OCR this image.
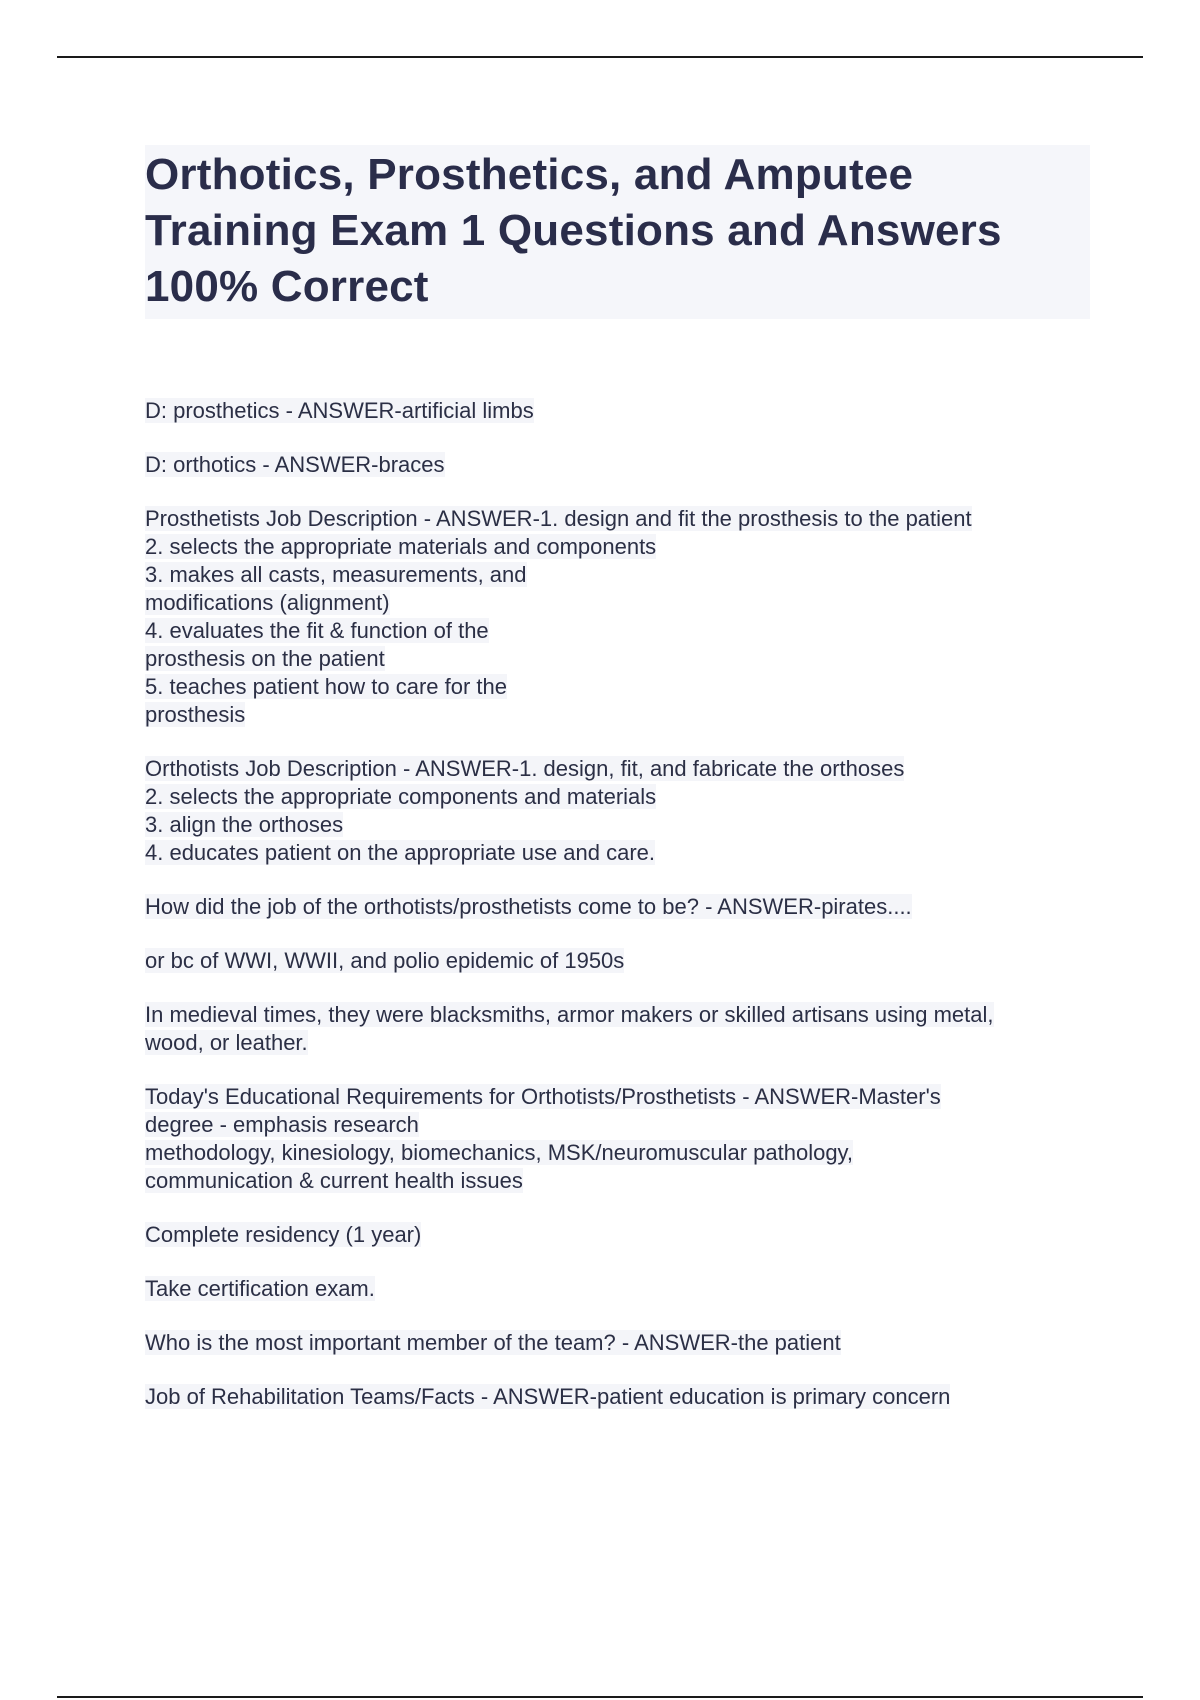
Orthotics, Prosthetics, and Amputee
Training Exam 1 Questions and Answers
100% Correct
D: prosthetics - ANSWER-artificial limbs
D: orthotics - ANSWER-braces
Prosthetists Job Description - ANSWER-1. design and fit the prosthesis to the patient
2. selects the appropriate materials and components
3. makes all casts, measurements, and
modifications (alignment)
4. evaluates the fit & function of the
prosthesis on the patient
5. teaches patient how to care for the
prosthesis
Orthotists Job Description - ANSWER-1. design, fit, and fabricate the orthoses
2. selects the appropriate components and materials
3. align the orthoses
4. educates patient on the appropriate use and care.
How did the job of the orthotists/prosthetists come to be? - ANSWER-pirates....
or bc of WWI, WWII, and polio epidemic of 1950s
In medieval times, they were blacksmiths, armor makers or skilled artisans using metal,
wood, or leather.
Today's Educational Requirements for Orthotists/Prosthetists - ANSWER-Master's
degree - emphasis research
methodology, kinesiology, biomechanics, MSK/neuromuscular pathology,
communication & current health issues
Complete residency (1 year)
Take certification exam.
Who is the most important member of the team? - ANSWER-the patient
Job of Rehabilitation Teams/Facts - ANSWER-patient education is primary concern
